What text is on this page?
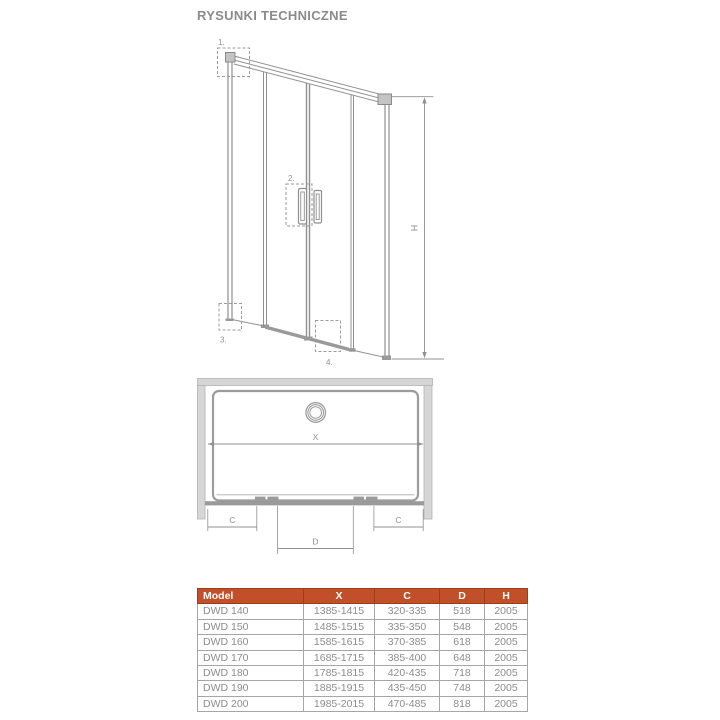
RYSUNKI TECHNICZNE
1.
2.
3.
4.
H
X
C	C
D
Model	X	C	D	H
DWD 140	1385-1415	320-335	518	2005
DWD 150	1485-1515	335-350	548	2005
DWD 160	1585-1615	370-385	618	2005
DWD 170	1685-1715	385-400	648	2005
DWD 180	1785-1815	420-435	718	2005
DWD 190	1885-1915	435-450	748	2005
DWD 200	1985-2015	470-485	818	2005
